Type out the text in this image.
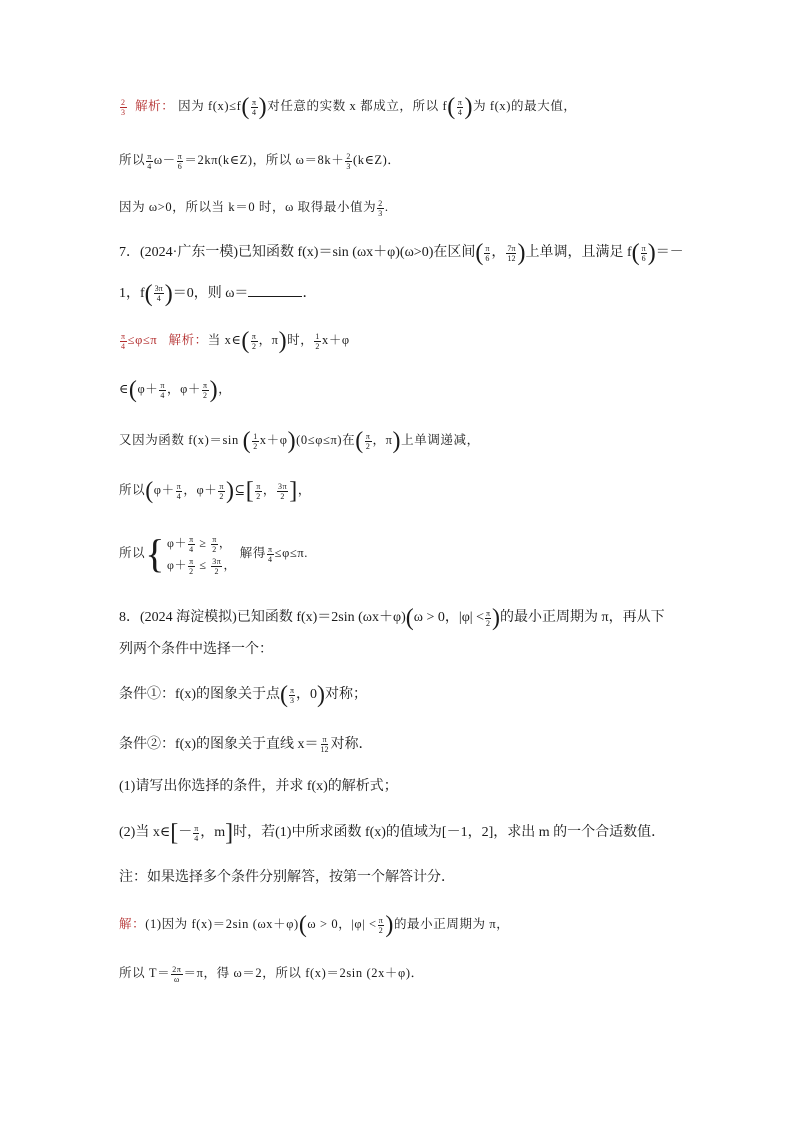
$\frac{2}{3}$ 解析： 因为 $f(x)\le f( \frac{\pi}{4}$ )对任意的实数 x 都成立，所以 $f( \frac{\pi}{4}$ )为 f(x)的最大值，
所以 $\frac{\pi}{4} \omega- \frac{\pi}{6}$ ＝2kπ(k∈Z)，所以 $\omega=8k+ \frac{2}{3}$ (k∈Z)．
因为 ω>0，所以当 k＝0 时，ω 取得最小值为 $\frac{2}{3}$ .
7．(2024·广东一模)已知函数 f(x)＝sin (ωx＋φ)(ω>0)在区间( $\frac{\pi}{6}$ ， $\frac{7\pi}{12}$ )上单调，且满足 $f( \frac{\pi}{6}$ )＝－
1，$f( \frac{3\pi}{4} )=0$，则 ω＝	．
$\frac{\pi}{4} \le\varphi\le\pi$ 解析：当 x∈( $\frac{\pi}{2}$ ，π)时， $\frac{1}{2} x+\varphi$
∈(φ＋ $\frac{\pi}{4}$ ，$\varphi+ \frac{\pi}{2}$ )，
又因为函数 f(x)＝sin ( $\frac{1}{2} x+\varphi)(0\le\varphi\le\pi)$在( $\frac{\pi}{2}$ ，π)上单调递减，
所以($\varphi+ \frac{\pi}{4}$ ，$\varphi+ \frac{\pi}{2}$ )⊆[ $\frac{\pi}{2}$ ， $\frac{3\pi}{2}$ ]，
所以 { $\varphi+ \frac{\pi}{4} \ge \frac{\pi}{2}$ ，
$\varphi+ \frac{\pi}{2} \le \frac{3\pi}{2}$ ，
解得 $\frac{\pi}{4} \le\varphi\le\pi$.
8．(2024 海淀模拟)已知函数 f(x)＝2sin (ωx＋φ)(ω > 0，$|\varphi| < \frac{\pi}{2}$ )的最小正周期为 π，再从下
列两个条件中选择一个：
条件①：f(x)的图象关于点( $\frac{\pi}{3}$ ，0)对称；
条件②：f(x)的图象关于直线 $x= \frac{\pi}{12}$ 对称．
(1)请写出你选择的条件，并求 f(x)的解析式；
(2)当 x∈[－ $\frac{\pi}{4}$ ，m]时，若(1)中所求函数 f(x)的值域为[－1，2]，求出 m 的一个合适数值．
注：如果选择多个条件分别解答，按第一个解答计分．
解：(1)因为 f(x)＝2sin (ωx＋φ)(ω > 0，$|\varphi| < \frac{\pi}{2}$ )的最小正周期为 π，
所以 $T= \frac{2\pi}{\omega} =\pi$，得 ω＝2，所以 f(x)＝2sin (2x＋φ)．
